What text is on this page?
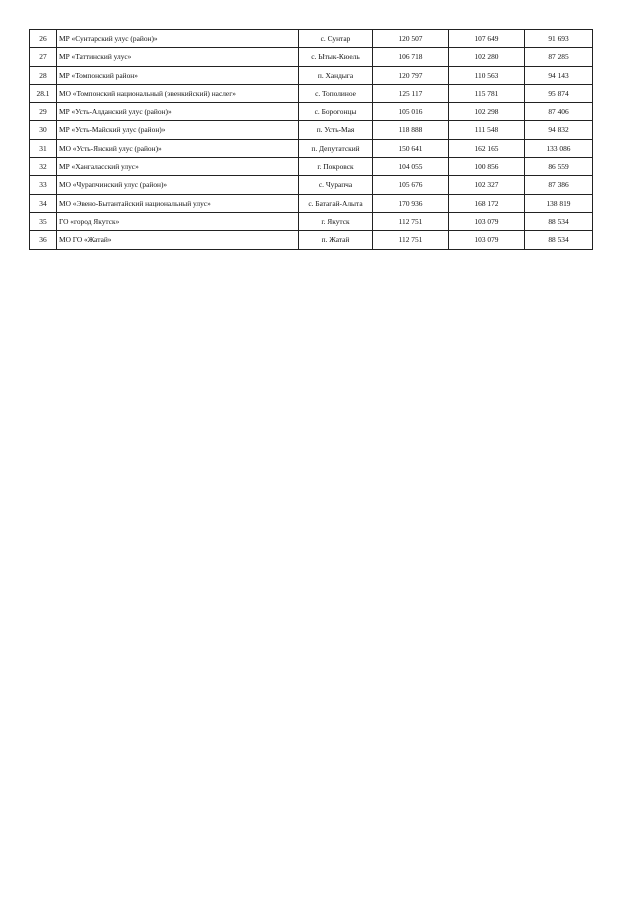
26	МР «Сунтарский улус (район)»	с. Сунтар	120 507	107 649	91 693
27	МР «Таттинский улус»	с. Ытык-Кюель	106 718	102 280	87 285
28	МР «Томпонский район»	п. Хандыга	120 797	110 563	94 143
28.1	МО «Томпонский национальный (эвенкийский) наслег»	с. Тополиное	125 117	115 781	95 874
29	МР «Усть-Алданский улус (район)»	с. Борогонцы	105 016	102 298	87 406
30	МР «Усть-Майский улус (район)»	п. Усть-Мая	118 888	111 548	94 832
31	МО «Усть-Янский улус (район)»	п. Депутатский	150 641	162 165	133 086
32	МР «Хангаласский улус»	г. Покровск	104 055	100 856	86 559
33	МО «Чурапчинский улус (район)»	с. Чурапча	105 676	102 327	87 386
34	МО «Эвено-Бытантайский национальный улус»	с. Батагай-Алыта	170 936	168 172	138 819
35	ГО «город Якутск»	г. Якутск	112 751	103 079	88 534
36	МО ГО «Жатай»	п. Жатай	112 751	103 079	88 534
